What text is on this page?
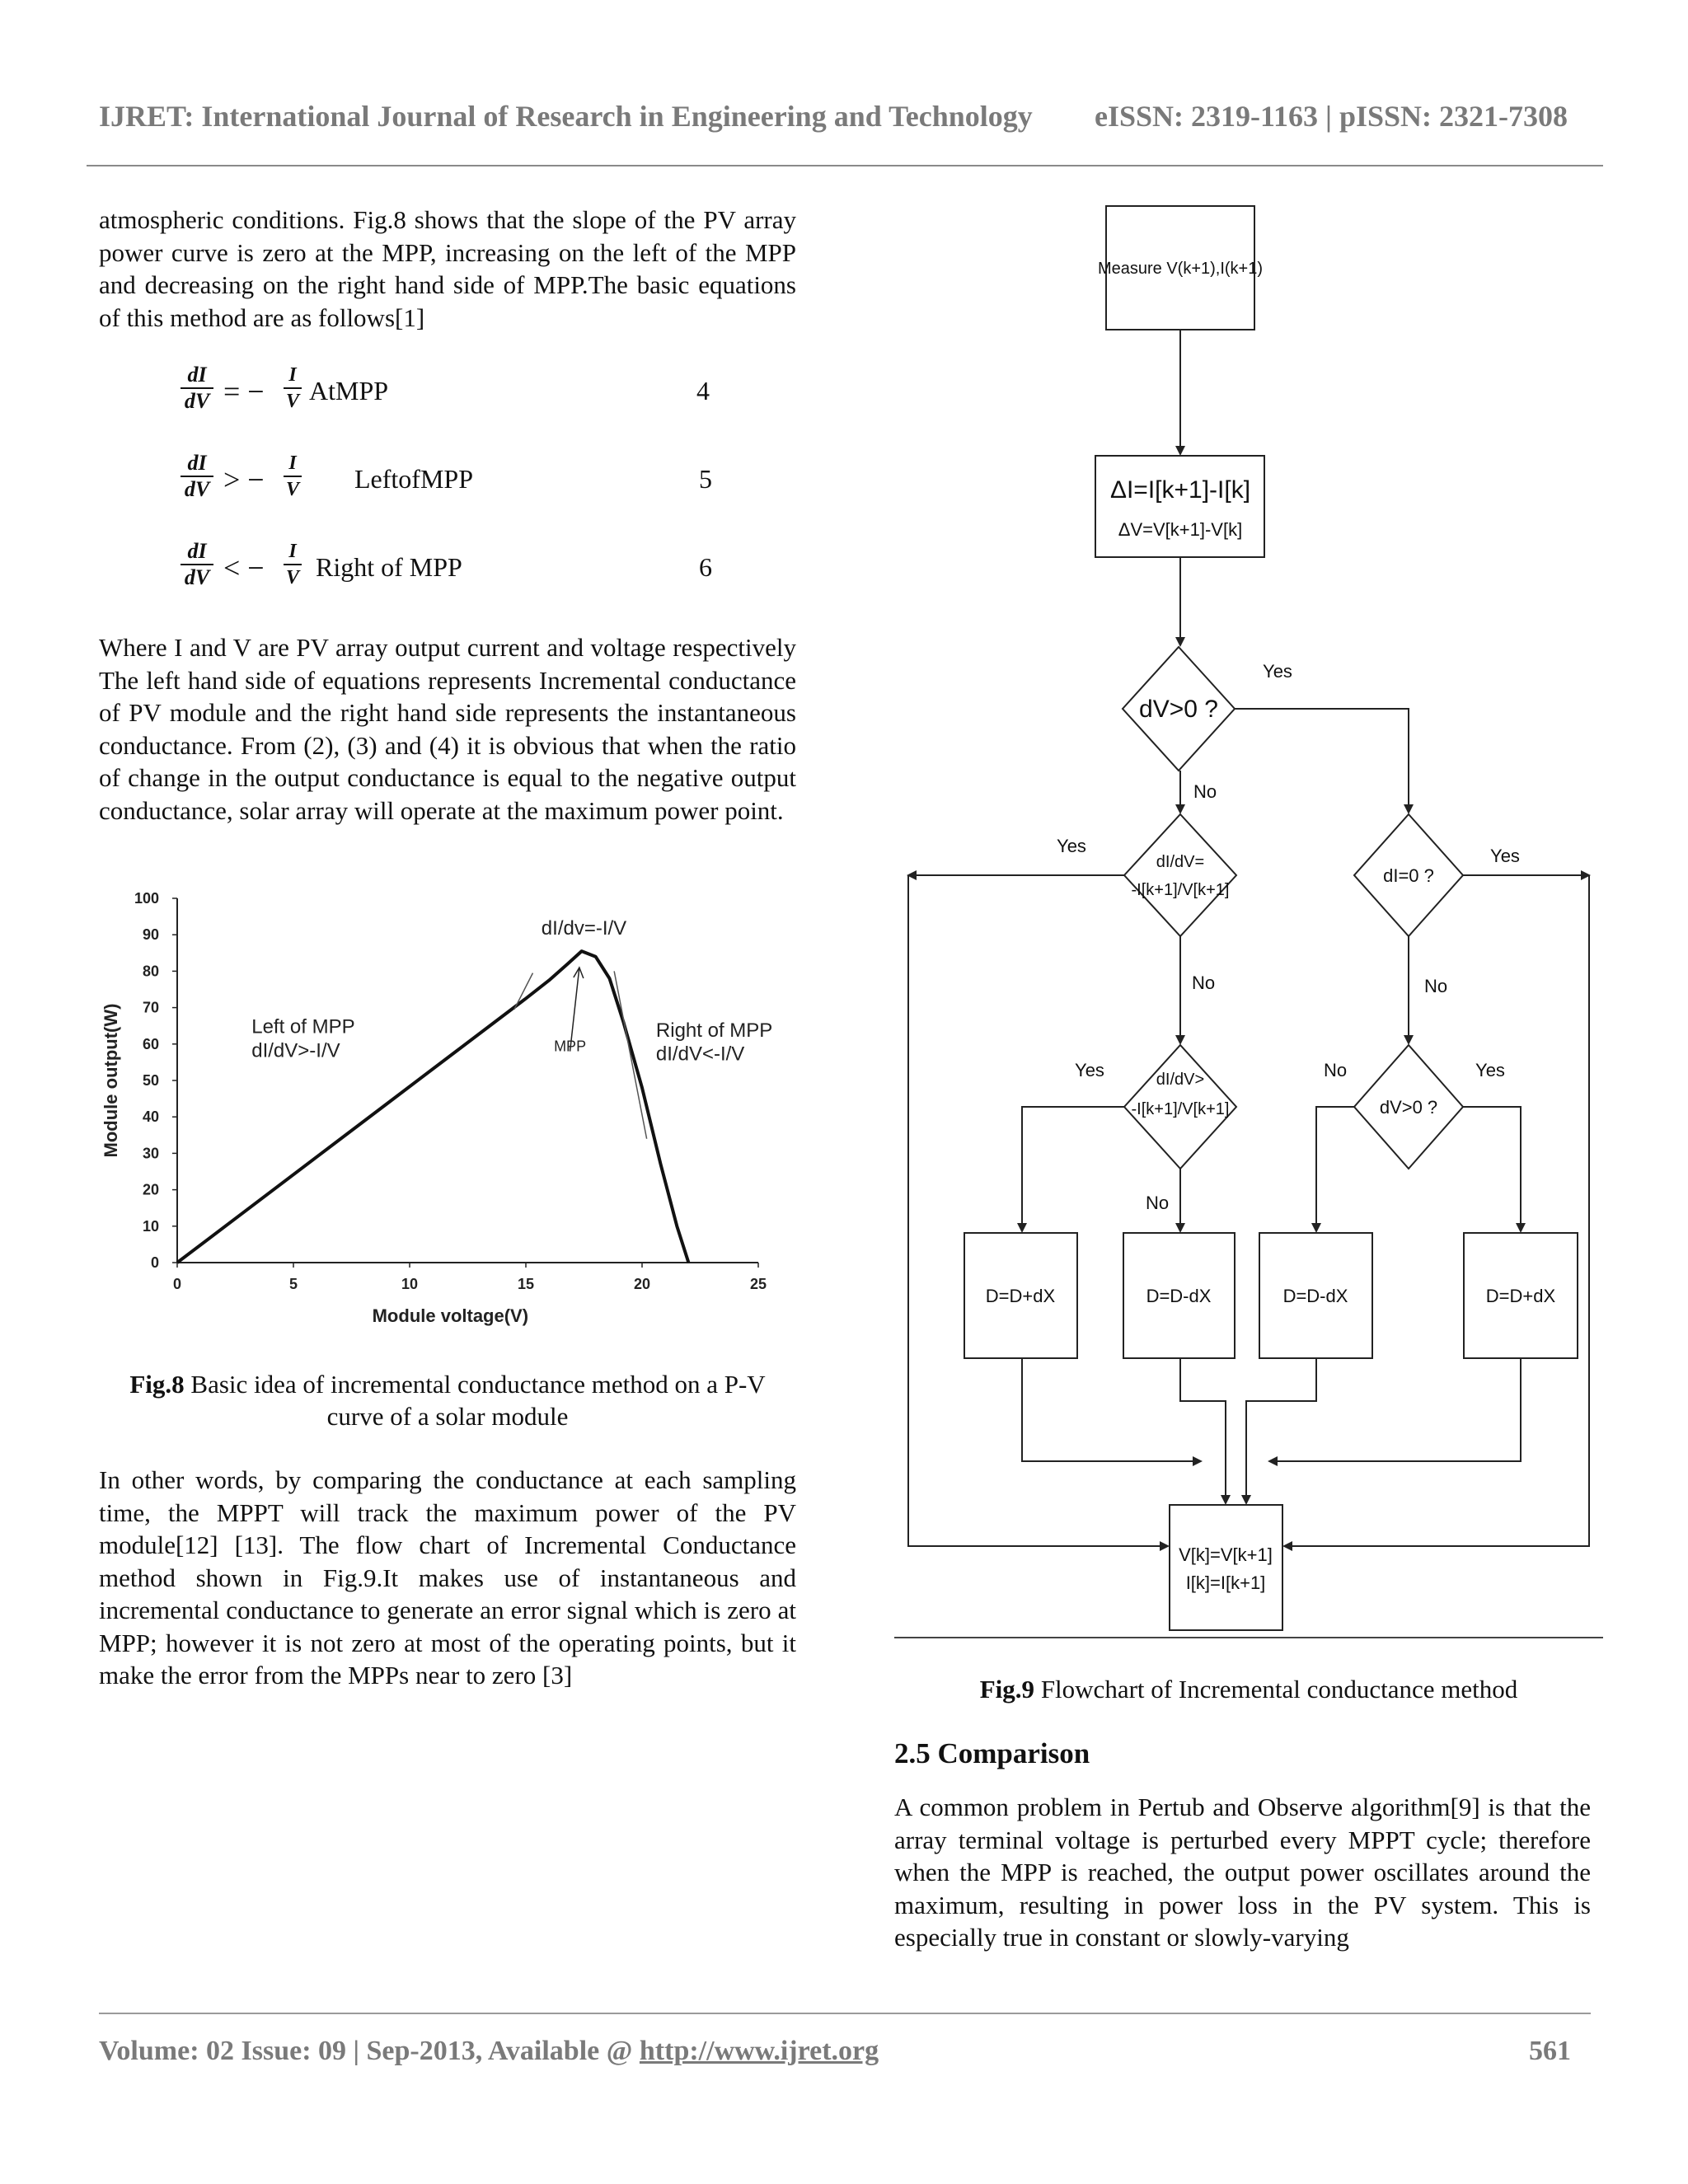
IJRET: International Journal of Research in Engineering and Technology eISSN: 2319-1163 | pISSN: 2321-7308

atmospheric conditions. Fig.8 shows that the slope of the PV array power curve is zero at the MPP, increasing on the left of the MPP and decreasing on the right hand side of MPP.The basic equations of this method are as follows[1]

dI
dV = −	I
V AtMPP	4
dI
dV > −	I
V LeftofMPP	5
dI
dV < −	I
V Right of MPP	6

Where I and V are PV array output current and voltage respectively The left hand side of equations represents Incremental conductance of PV module and the right hand side represents the instantaneous conductance. From (2), (3) and (4) it is obvious that when the ratio of change in the output conductance is equal to the negative output conductance, solar array will operate at the maximum power point.

0	5	10	15	20	25
0
10
20
30
40
50
60
70
80
90
100
Module voltage(V)
Module output(W)
dI/dv=-I/V
MPP
Left of MPP
dI/dV>-I/V
Right of MPP
dI/dV<-I/V
Fig.8 Basic idea of incremental conductance method on a P-V curve of a solar module

In other words, by comparing the conductance at each sampling time, the MPPT will track the maximum power of the PV module[12] [13]. The flow chart of Incremental Conductance method shown in Fig.9.It makes use of instantaneous and incremental conductance to generate an error signal which is zero at MPP; however it is not zero at most of the operating points, but it make the error from the MPPs near to zero [3]

Measure V(k+1),I(k+1)
ΔI=I[k+1]-I[k]
ΔV=V[k+1]-V[k]
dV>0 ?
dI/dV=
-I[k+1]/V[k+1]
dI=0 ?
dI/dV>
-I[k+1]/V[k+1]	dV>0 ?
D=D+dX	D=D-dX	D=D-dX	D=D+dX
V[k]=V[k+1]
I[k]=I[k+1]
Yes
No
Yes	Yes
No	No
Yes	No	Yes
No
Fig.9 Flowchart of Incremental conductance method
2.5 Comparison

A common problem in Pertub and Observe algorithm[9] is that the array terminal voltage is perturbed every MPPT cycle; therefore when the MPP is reached, the output power oscillates around the maximum, resulting in power loss in the PV system. This is especially true in constant or slowly-varying

Volume: 02 Issue: 09 | Sep-2013, Available @ http://www.ijret.org	561
